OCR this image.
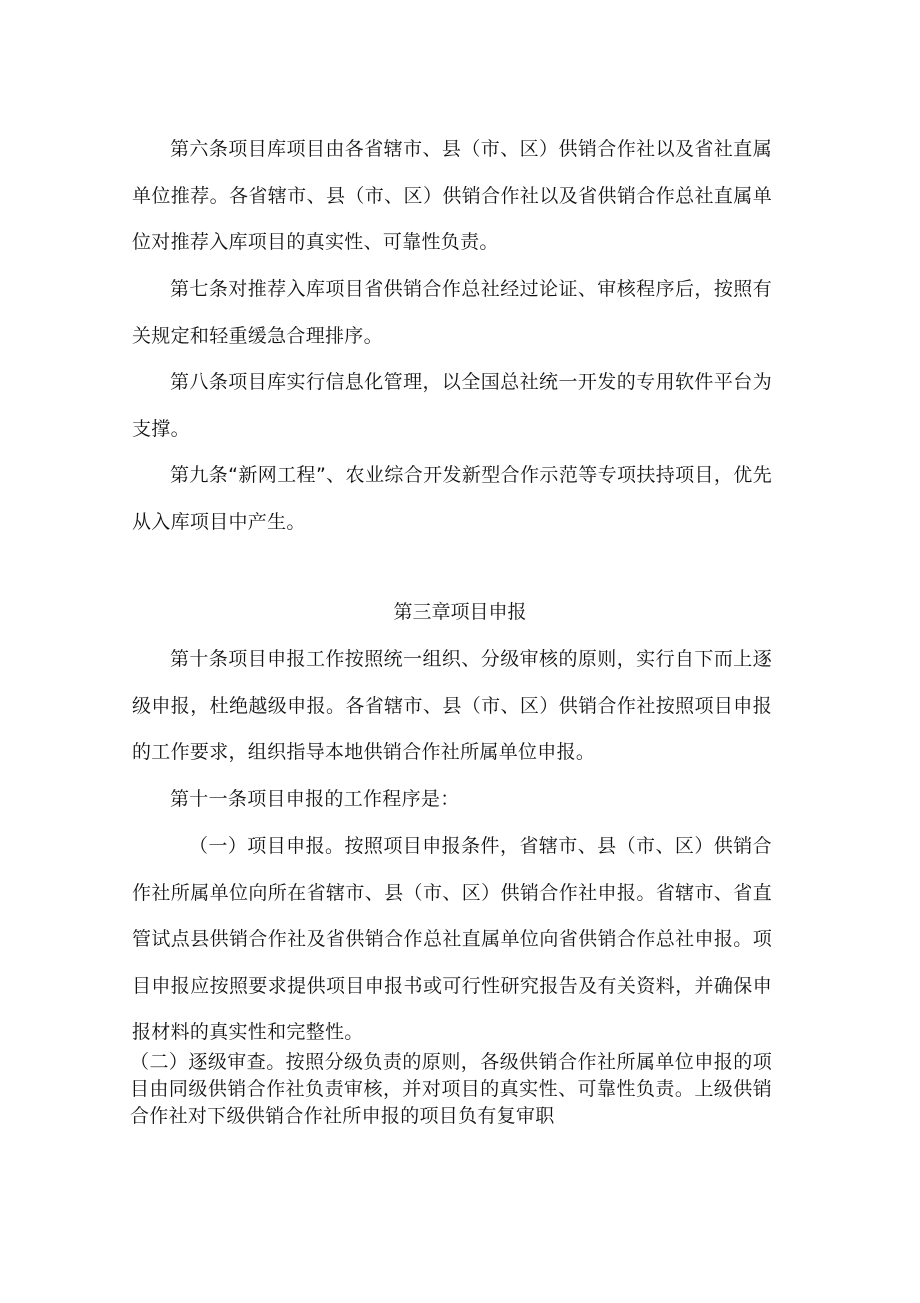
第六条项目库项目由各省辖市、县（市、区）供销合作社以及省社直属单位推荐。各省辖市、县（市、区）供销合作社以及省供销合作总社直属单位对推荐入库项目的真实性、可靠性负责。

第七条对推荐入库项目省供销合作总社经过论证、审核程序后，按照有关规定和轻重缓急合理排序。

第八条项目库实行信息化管理，以全国总社统一开发的专用软件平台为支撑。

第九条“新网工程”、农业综合开发新型合作示范等专项扶持项目，优先从入库项目中产生。

第三章项目申报

第十条项目申报工作按照统一组织、分级审核的原则，实行自下而上逐级申报，杜绝越级申报。各省辖市、县（市、区）供销合作社按照项目申报的工作要求，组织指导本地供销合作社所属单位申报。

第十一条项目申报的工作程序是：

（一）项目申报。按照项目申报条件，省辖市、县（市、区）供销合作社所属单位向所在省辖市、县（市、区）供销合作社申报。省辖市、省直管试点县供销合作社及省供销合作总社直属单位向省供销合作总社申报。项目申报应按照要求提供项目申报书或可行性研究报告及有关资料，并确保申报材料的真实性和完整性。

（二）逐级审查。按照分级负责的原则，各级供销合作社所属单位申报的项目由同级供销合作社负责审核，并对项目的真实性、可靠性负责。上级供销合作社对下级供销合作社所申报的项目负有复审职
